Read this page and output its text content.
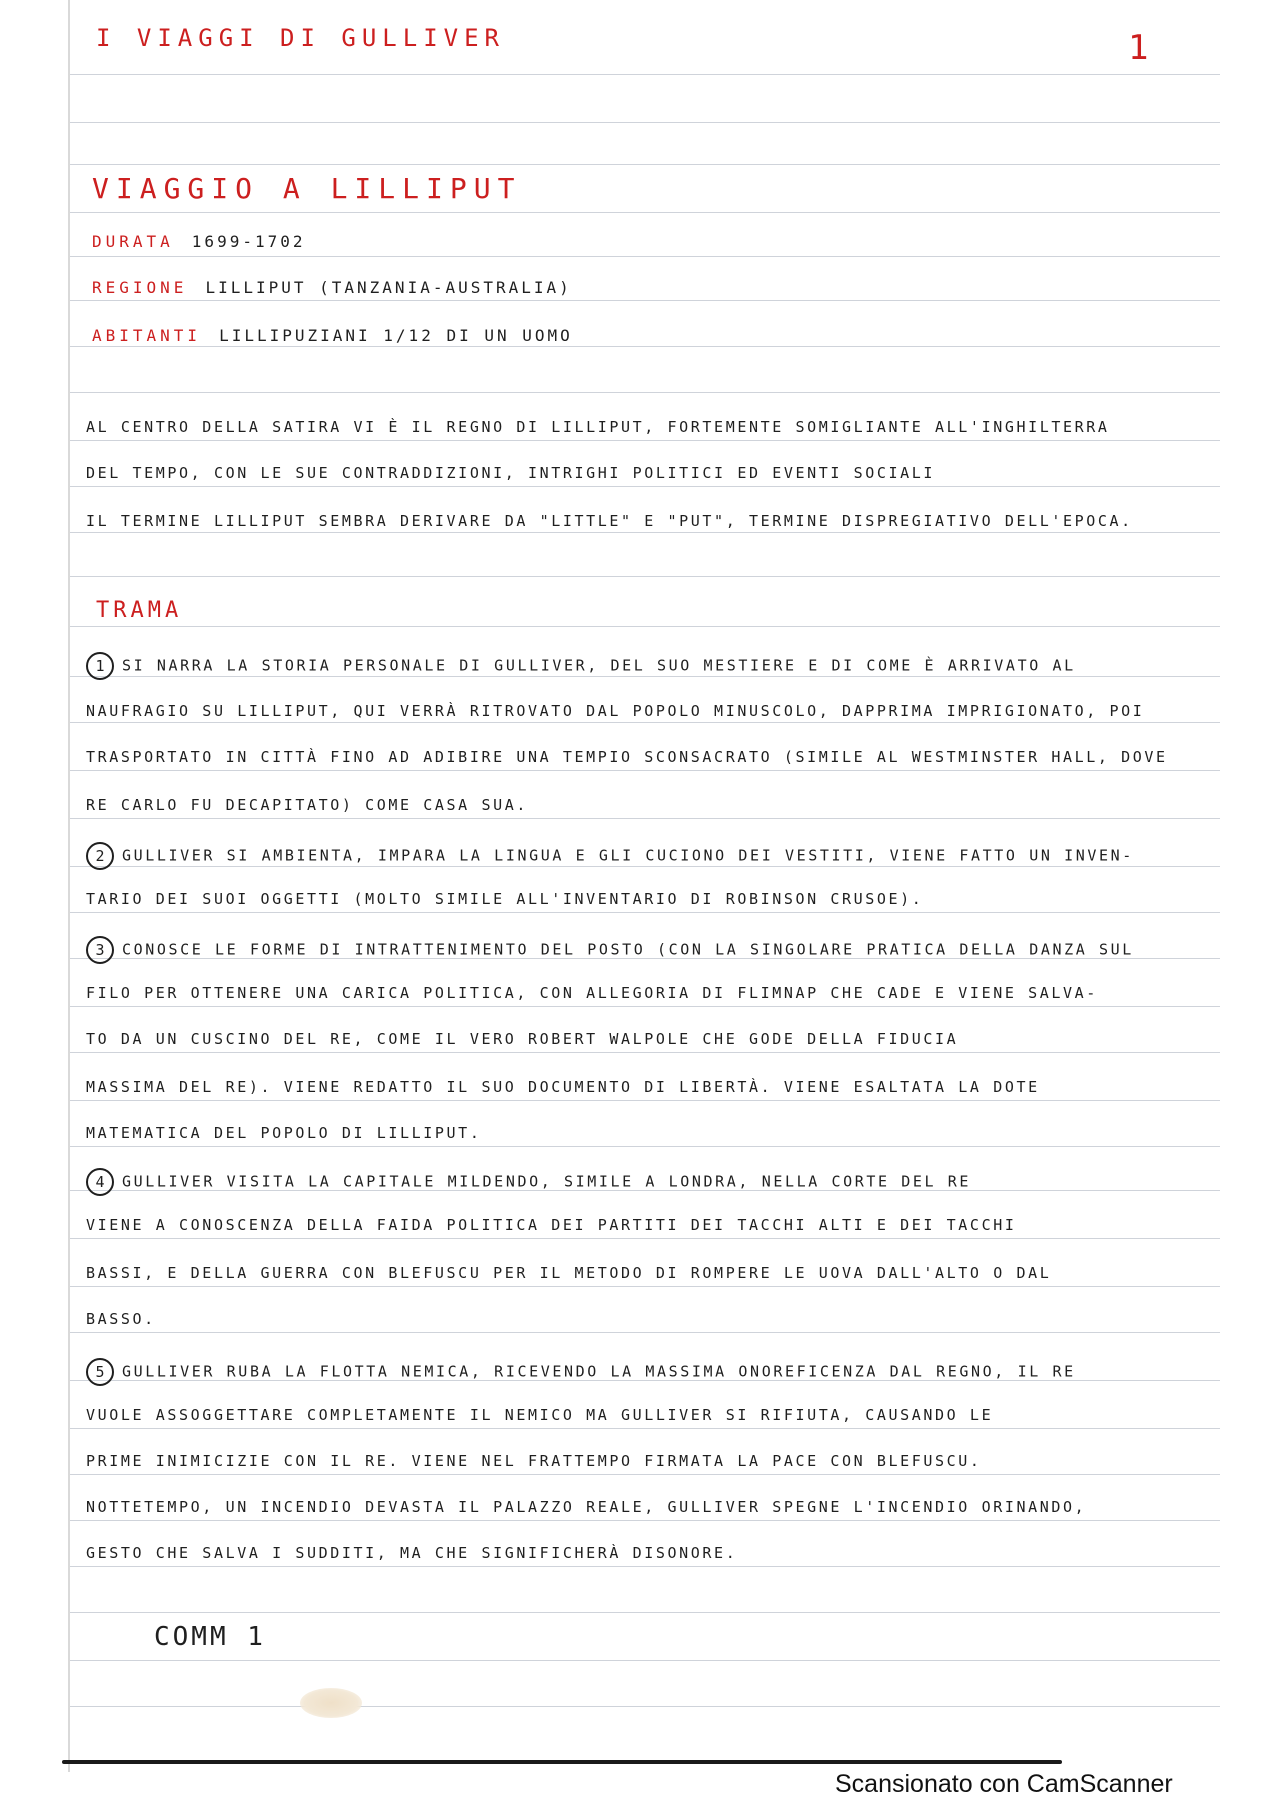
I VIAGGI DI GULLIVER	1
VIAGGIO A LILLIPUT
DURATA 1699-1702
REGIONE LILLIPUT (TANZANIA-AUSTRALIA)
ABITANTI LILLIPUZIANI 1/12 DI UN UOMO
AL CENTRO DELLA SATIRA VI È IL REGNO DI LILLIPUT, FORTEMENTE SOMIGLIANTE ALL'INGHILTERRA
DEL TEMPO, CON LE SUE CONTRADDIZIONI, INTRIGHI POLITICI ED EVENTI SOCIALI
IL TERMINE LILLIPUT SEMBRA DERIVARE DA "LITTLE" E "PUT", TERMINE DISPREGIATIVO DELL'EPOCA.
TRAMA
1 SI NARRA LA STORIA PERSONALE DI GULLIVER, DEL SUO MESTIERE E DI COME È ARRIVATO AL
NAUFRAGIO SU LILLIPUT, QUI VERRÀ RITROVATO DAL POPOLO MINUSCOLO, DAPPRIMA IMPRIGIONATO, POI
TRASPORTATO IN CITTÀ FINO AD ADIBIRE UNA TEMPIO SCONSACRATO (SIMILE AL WESTMINSTER HALL, DOVE
RE CARLO FU DECAPITATO) COME CASA SUA.
2 GULLIVER SI AMBIENTA, IMPARA LA LINGUA E GLI CUCIONO DEI VESTITI, VIENE FATTO UN INVEN-
TARIO DEI SUOI OGGETTI (MOLTO SIMILE ALL'INVENTARIO DI ROBINSON CRUSOE).
3 CONOSCE LE FORME DI INTRATTENIMENTO DEL POSTO (CON LA SINGOLARE PRATICA DELLA DANZA SUL
FILO PER OTTENERE UNA CARICA POLITICA, CON ALLEGORIA DI FLIMNAP CHE CADE E VIENE SALVA-
TO DA UN CUSCINO DEL RE, COME IL VERO ROBERT WALPOLE CHE GODE DELLA FIDUCIA
MASSIMA DEL RE). VIENE REDATTO IL SUO DOCUMENTO DI LIBERTÀ. VIENE ESALTATA LA DOTE
MATEMATICA DEL POPOLO DI LILLIPUT.
4 GULLIVER VISITA LA CAPITALE MILDENDO, SIMILE A LONDRA, NELLA CORTE DEL RE
VIENE A CONOSCENZA DELLA FAIDA POLITICA DEI PARTITI DEI TACCHI ALTI E DEI TACCHI
BASSI, E DELLA GUERRA CON BLEFUSCU PER IL METODO DI ROMPERE LE UOVA DALL'ALTO O DAL
BASSO.
5 GULLIVER RUBA LA FLOTTA NEMICA, RICEVENDO LA MASSIMA ONOREFICENZA DAL REGNO, IL RE
VUOLE ASSOGGETTARE COMPLETAMENTE IL NEMICO MA GULLIVER SI RIFIUTA, CAUSANDO LE
PRIME INIMICIZIE CON IL RE. VIENE NEL FRATTEMPO FIRMATA LA PACE CON BLEFUSCU.
NOTTETEMPO, UN INCENDIO DEVASTA IL PALAZZO REALE, GULLIVER SPEGNE L'INCENDIO ORINANDO,
GESTO CHE SALVA I SUDDITI, MA CHE SIGNIFICHERÀ DISONORE.
COMM 1
Scansionato con CamScanner
